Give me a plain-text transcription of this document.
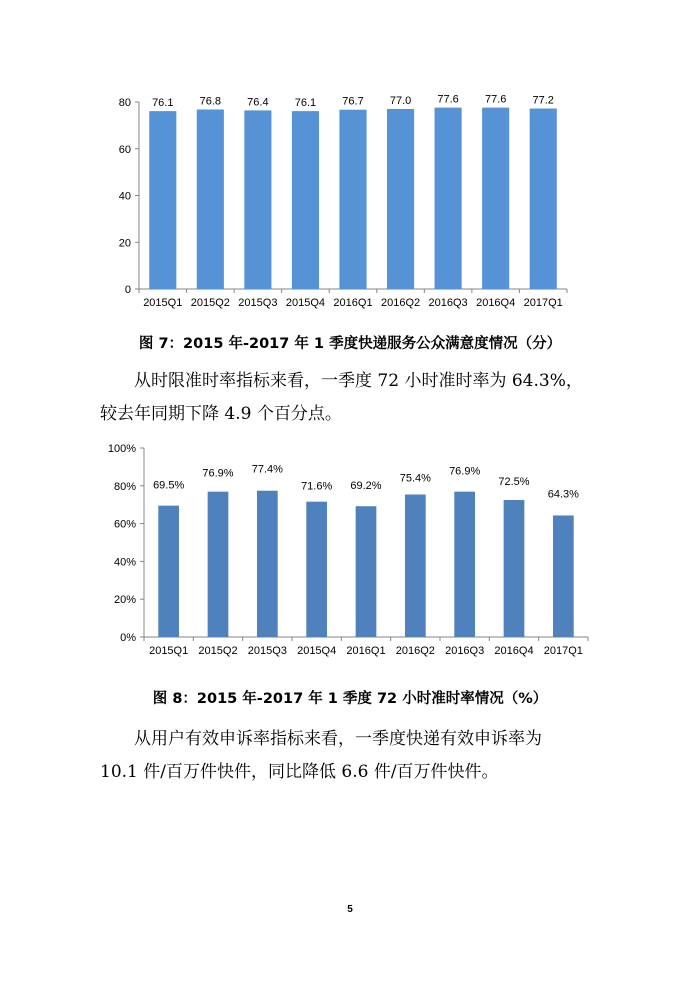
0
20
40
60
80
2015Q1
76.1
2015Q2
76.8
2015Q3
76.4
2015Q4
76.1
2016Q1
76.7
2016Q2
77.0
2016Q3
77.6
2016Q4
77.6
2017Q1
77.2
图 7：2015 年-2017 年 1 季度快递服务公众满意度情况（分）

从时限准时率指标来看，一季度 72 小时准时率为 64.3%，
较去年同期下降 4.9 个百分点。

0%
20%
40%
60%
80%
100%
2015Q1
69.5%
2015Q2
76.9%
2015Q3
77.4%
2015Q4
71.6%
2016Q1
69.2%
2016Q2
75.4%
2016Q3
76.9%
2016Q4
72.5%
2017Q1
64.3%
图 8：2015 年-2017 年 1 季度 72 小时准时率情况（%）

从用户有效申诉率指标来看，一季度快递有效申诉率为
10.1 件/百万件快件，同比降低 6.6 件/百万件快件。

5
